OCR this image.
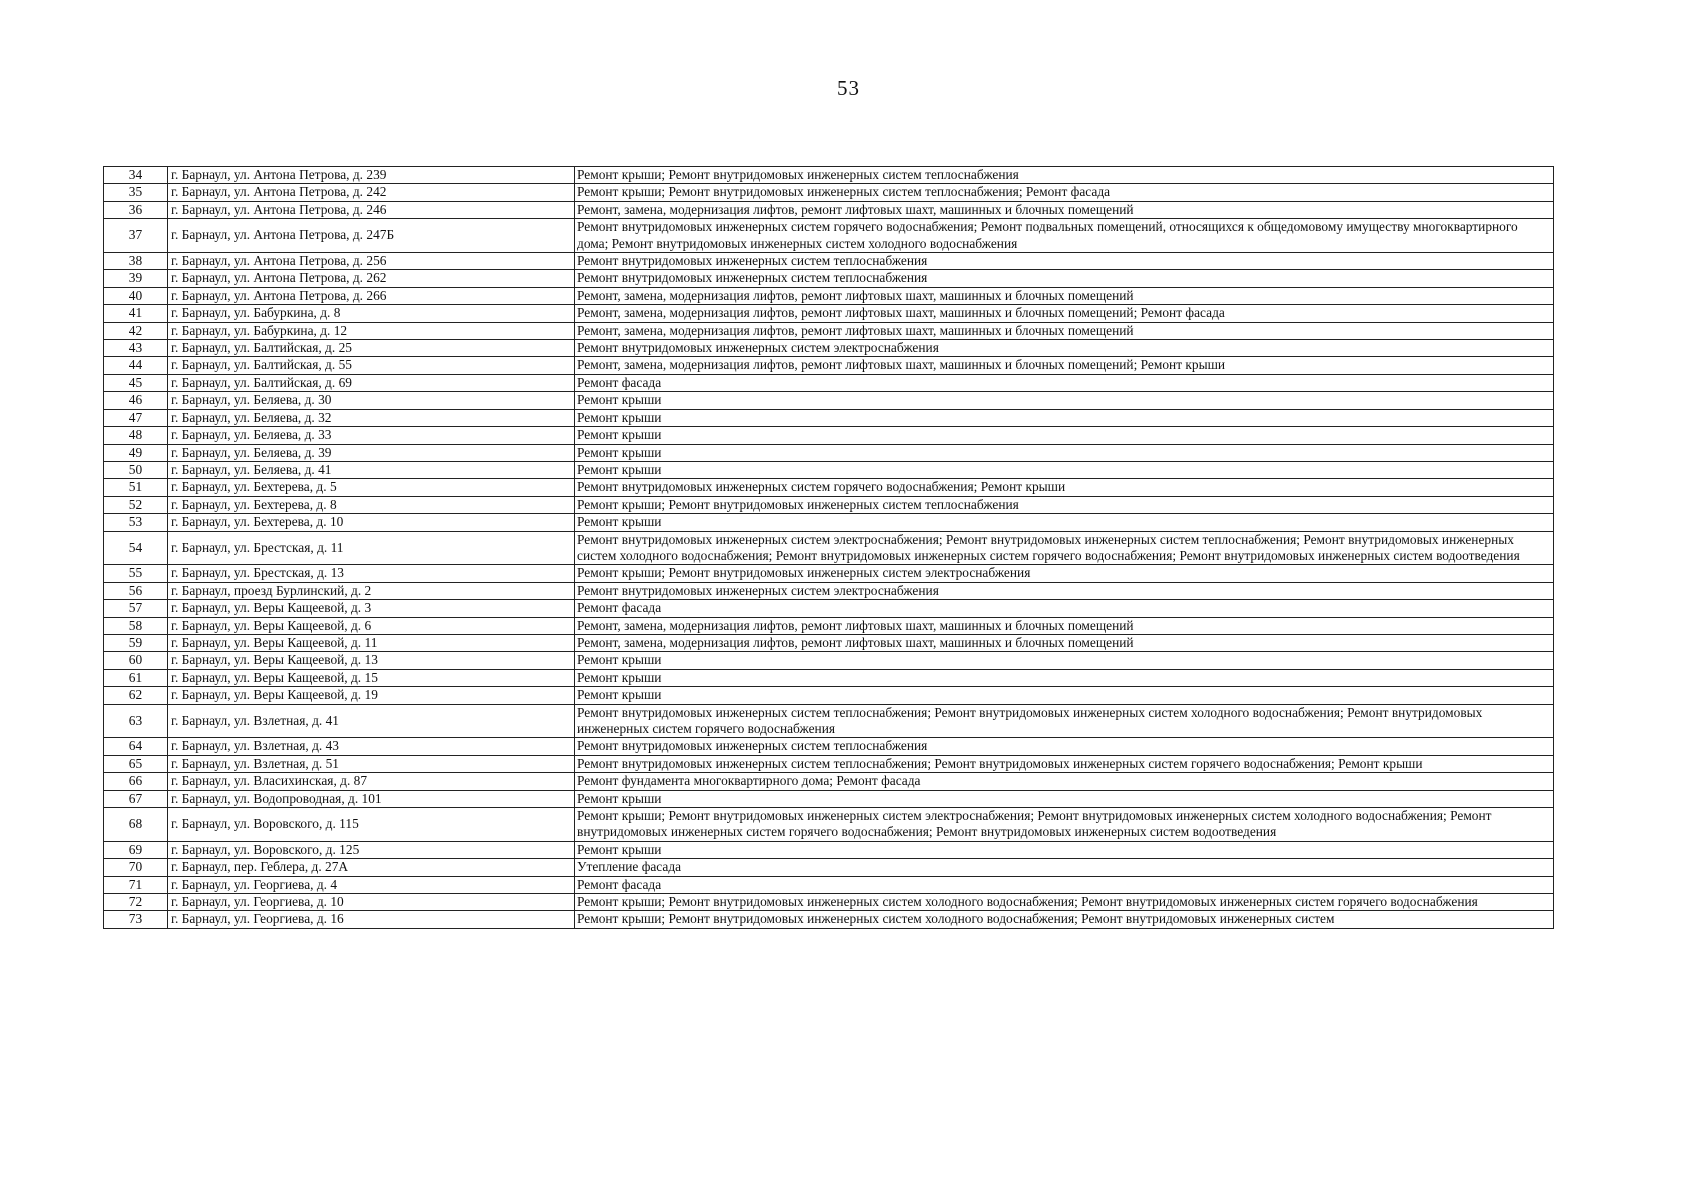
53
34	г. Барнаул, ул. Антона Петрова, д. 239	Ремонт крыши; Ремонт внутридомовых инженерных систем теплоснабжения
35	г. Барнаул, ул. Антона Петрова, д. 242	Ремонт крыши; Ремонт внутридомовых инженерных систем теплоснабжения; Ремонт фасада
36	г. Барнаул, ул. Антона Петрова, д. 246	Ремонт, замена, модернизация лифтов, ремонт лифтовых шахт, машинных и блочных помещений
37	г. Барнаул, ул. Антона Петрова, д. 247Б	Ремонт внутридомовых инженерных систем горячего водоснабжения; Ремонт подвальных помещений, относящихся к общедомовому имуществу многоквартирного дома; Ремонт внутридомовых инженерных систем холодного водоснабжения
38	г. Барнаул, ул. Антона Петрова, д. 256	Ремонт внутридомовых инженерных систем теплоснабжения
39	г. Барнаул, ул. Антона Петрова, д. 262	Ремонт внутридомовых инженерных систем теплоснабжения
40	г. Барнаул, ул. Антона Петрова, д. 266	Ремонт, замена, модернизация лифтов, ремонт лифтовых шахт, машинных и блочных помещений
41	г. Барнаул, ул. Бабуркина, д. 8	Ремонт, замена, модернизация лифтов, ремонт лифтовых шахт, машинных и блочных помещений; Ремонт фасада
42	г. Барнаул, ул. Бабуркина, д. 12	Ремонт, замена, модернизация лифтов, ремонт лифтовых шахт, машинных и блочных помещений
43	г. Барнаул, ул. Балтийская, д. 25	Ремонт внутридомовых инженерных систем электроснабжения
44	г. Барнаул, ул. Балтийская, д. 55	Ремонт, замена, модернизация лифтов, ремонт лифтовых шахт, машинных и блочных помещений; Ремонт крыши
45	г. Барнаул, ул. Балтийская, д. 69	Ремонт фасада
46	г. Барнаул, ул. Беляева, д. 30	Ремонт крыши
47	г. Барнаул, ул. Беляева, д. 32	Ремонт крыши
48	г. Барнаул, ул. Беляева, д. 33	Ремонт крыши
49	г. Барнаул, ул. Беляева, д. 39	Ремонт крыши
50	г. Барнаул, ул. Беляева, д. 41	Ремонт крыши
51	г. Барнаул, ул. Бехтерева, д. 5	Ремонт внутридомовых инженерных систем горячего водоснабжения; Ремонт крыши
52	г. Барнаул, ул. Бехтерева, д. 8	Ремонт крыши; Ремонт внутридомовых инженерных систем теплоснабжения
53	г. Барнаул, ул. Бехтерева, д. 10	Ремонт крыши
54	г. Барнаул, ул. Брестская, д. 11	Ремонт внутридомовых инженерных систем электроснабжения; Ремонт внутридомовых инженерных систем теплоснабжения; Ремонт внутридомовых инженерных систем холодного водоснабжения; Ремонт внутридомовых инженерных систем горячего водоснабжения; Ремонт внутридомовых инженерных систем водоотведения
55	г. Барнаул, ул. Брестская, д. 13	Ремонт крыши; Ремонт внутридомовых инженерных систем электроснабжения
56	г. Барнаул, проезд Бурлинский, д. 2	Ремонт внутридомовых инженерных систем электроснабжения
57	г. Барнаул, ул. Веры Кащеевой, д. 3	Ремонт фасада
58	г. Барнаул, ул. Веры Кащеевой, д. 6	Ремонт, замена, модернизация лифтов, ремонт лифтовых шахт, машинных и блочных помещений
59	г. Барнаул, ул. Веры Кащеевой, д. 11	Ремонт, замена, модернизация лифтов, ремонт лифтовых шахт, машинных и блочных помещений
60	г. Барнаул, ул. Веры Кащеевой, д. 13	Ремонт крыши
61	г. Барнаул, ул. Веры Кащеевой, д. 15	Ремонт крыши
62	г. Барнаул, ул. Веры Кащеевой, д. 19	Ремонт крыши
63	г. Барнаул, ул. Взлетная, д. 41	Ремонт внутридомовых инженерных систем теплоснабжения; Ремонт внутридомовых инженерных систем холодного водоснабжения; Ремонт внутридомовых инженерных систем горячего водоснабжения
64	г. Барнаул, ул. Взлетная, д. 43	Ремонт внутридомовых инженерных систем теплоснабжения
65	г. Барнаул, ул. Взлетная, д. 51	Ремонт внутридомовых инженерных систем теплоснабжения; Ремонт внутридомовых инженерных систем горячего водоснабжения; Ремонт крыши
66	г. Барнаул, ул. Власихинская, д. 87	Ремонт фундамента многоквартирного дома; Ремонт фасада
67	г. Барнаул, ул. Водопроводная, д. 101	Ремонт крыши
68	г. Барнаул, ул. Воровского, д. 115	Ремонт крыши; Ремонт внутридомовых инженерных систем электроснабжения; Ремонт внутридомовых инженерных систем холодного водоснабжения; Ремонт внутридомовых инженерных систем горячего водоснабжения; Ремонт внутридомовых инженерных систем водоотведения
69	г. Барнаул, ул. Воровского, д. 125	Ремонт крыши
70	г. Барнаул, пер. Геблера, д. 27А	Утепление фасада
71	г. Барнаул, ул. Георгиева, д. 4	Ремонт фасада
72	г. Барнаул, ул. Георгиева, д. 10	Ремонт крыши; Ремонт внутридомовых инженерных систем холодного водоснабжения; Ремонт внутридомовых инженерных систем горячего водоснабжения
73	г. Барнаул, ул. Георгиева, д. 16	Ремонт крыши; Ремонт внутридомовых инженерных систем холодного водоснабжения; Ремонт внутридомовых инженерных систем
